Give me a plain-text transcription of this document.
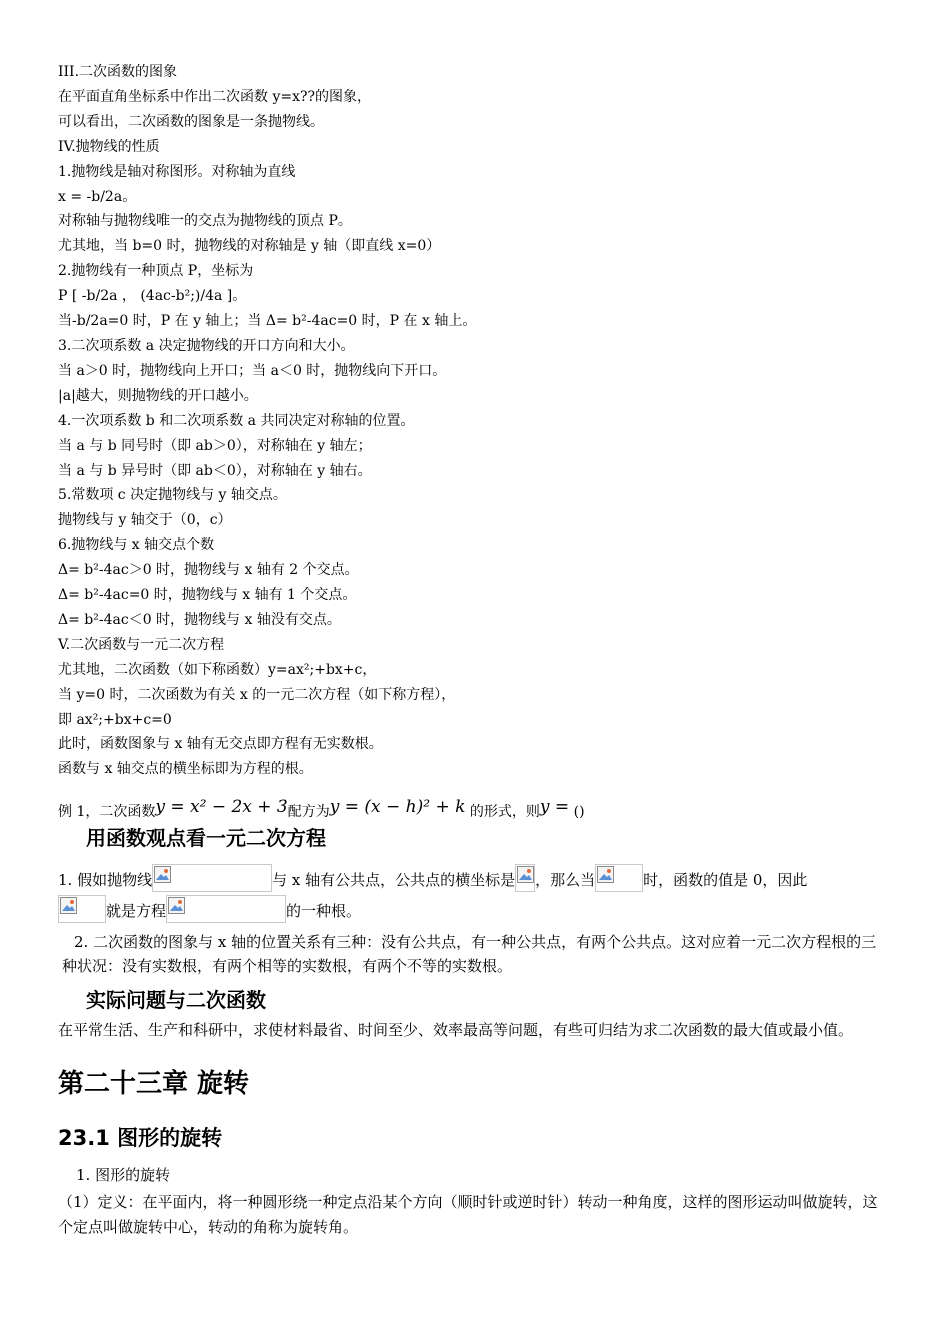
III.二次函数的图象
在平面直角坐标系中作出二次函数 y=x??的图象，
可以看出，二次函数的图象是一条抛物线。
IV.抛物线的性质
1.抛物线是轴对称图形。对称轴为直线
x = -b/2a。
对称轴与抛物线唯一的交点为抛物线的顶点 P。
尤其地，当 b=0 时，抛物线的对称轴是 y 轴（即直线 x=0）
2.抛物线有一种顶点 P，坐标为
P [ -b/2a ， (4ac-b²;)/4a ]。
当-b/2a=0 时，P 在 y 轴上；当 Δ= b²-4ac=0 时，P 在 x 轴上。
3.二次项系数 a 决定抛物线的开口方向和大小。
当 a＞0 时，抛物线向上开口；当 a＜0 时，抛物线向下开口。
|a|越大，则抛物线的开口越小。
4.一次项系数 b 和二次项系数 a 共同决定对称轴的位置。
当 a 与 b 同号时（即 ab＞0），对称轴在 y 轴左；
当 a 与 b 异号时（即 ab＜0），对称轴在 y 轴右。
5.常数项 c 决定抛物线与 y 轴交点。
抛物线与 y 轴交于（0，c）
6.抛物线与 x 轴交点个数
Δ= b²-4ac＞0 时，抛物线与 x 轴有 2 个交点。
Δ= b²-4ac=0 时，抛物线与 x 轴有 1 个交点。
Δ= b²-4ac＜0 时，抛物线与 x 轴没有交点。
V.二次函数与一元二次方程
尤其地，二次函数（如下称函数）y=ax²;+bx+c，
当 y=0 时，二次函数为有关 x 的一元二次方程（如下称方程），
即 ax²;+bx+c=0
此时，函数图象与 x 轴有无交点即方程有无实数根。
函数与 x 轴交点的横坐标即为方程的根。
例 1，二次函数y = x² − 2x + 3配方为y = (x − h)² + k 的形式，则y = ()
用函数观点看一元二次方程
1. 假如抛物线	与 x 轴有公共点，公共点的横坐标是 ，那么当	时，函数的值是 0，因此

就是方程	的一种根。
2. 二次函数的图象与 x 轴的位置关系有三种：没有公共点，有一种公共点，有两个公共点。这对应着一元二次方程根的三种状况：没有实数根，有两个相等的实数根，有两个不等的实数根。
实际问题与二次函数
在平常生活、生产和科研中，求使材料最省、时间至少、效率最高等问题，有些可归结为求二次函数的最大值或最小值。
第二十三章 旋转
23.1 图形的旋转
1. 图形的旋转
（1）定义：在平面内，将一种圆形绕一种定点沿某个方向（顺时针或逆时针）转动一种角度，这样的图形运动叫做旋转，这个定点叫做旋转中心，转动的角称为旋转角。
